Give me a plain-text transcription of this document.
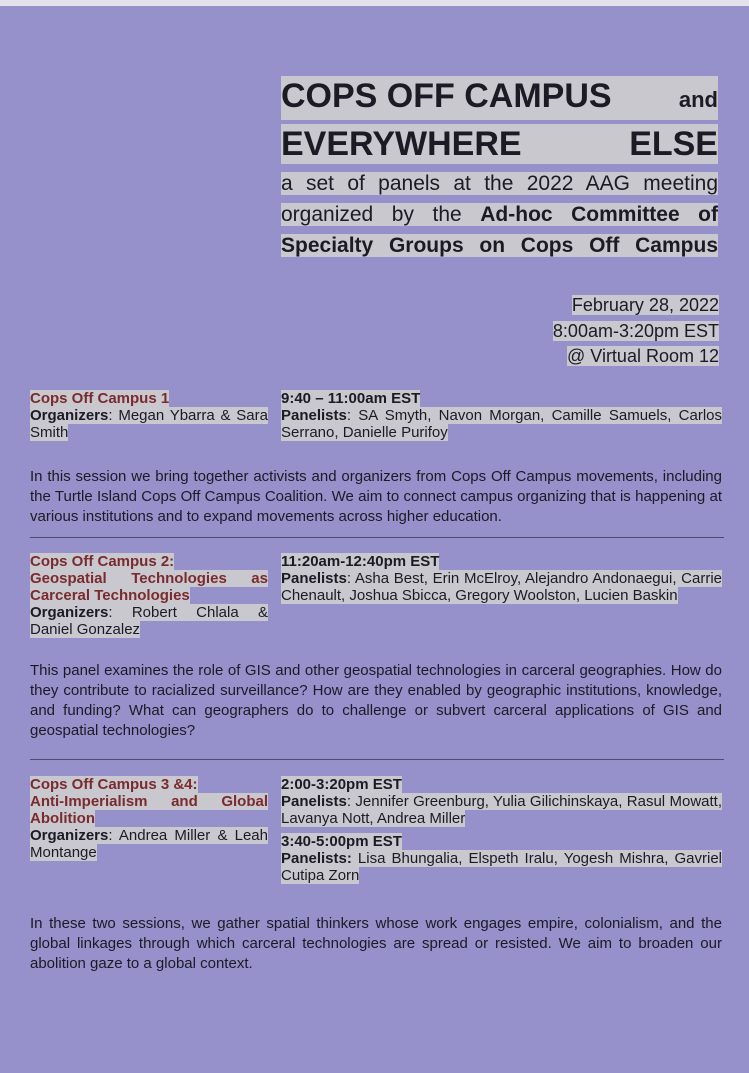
COPS OFF CAMPUS	and
EVERYWHERE	ELSE
a set of panels at the 2022 AAG meeting
organized by the Ad-hoc Committee of
Specialty Groups on Cops Off Campus
February 28, 2022
8:00am-3:20pm EST
@ Virtual Room 12
Cops Off Campus 1
Organizers: Megan Ybarra & Sara Smith
9:40 – 11:00am EST
Panelists: SA Smyth, Navon Morgan, Camille Samuels, Carlos Serrano, Danielle Purifoy
In this session we bring together activists and organizers from Cops Off Campus movements, including the Turtle Island Cops Off Campus Coalition. We aim to connect campus organizing that is happening at various institutions and to expand movements across higher education.
Cops Off Campus 2:
Geospatial Technologies as
Carceral Technologies
Organizers: Robert Chlala & Daniel Gonzalez
11:20am-12:40pm EST
Panelists: Asha Best, Erin McElroy, Alejandro Andonaegui, Carrie Chenault, Joshua Sbicca, Gregory Woolston, Lucien Baskin
This panel examines the role of GIS and other geospatial technologies in carceral geographies. How do they contribute to racialized surveillance? How are they enabled by geographic institutions, knowledge, and funding? What can geographers do to challenge or subvert carceral applications of GIS and geospatial technologies?
Cops Off Campus 3 &4:
Anti-Imperialism and Global
Abolition
Organizers: Andrea Miller & Leah Montange
2:00-3:20pm EST
Panelists: Jennifer Greenburg, Yulia Gilichinskaya, Rasul Mowatt, Lavanya Nott, Andrea Miller
3:40-5:00pm EST
Panelists: Lisa Bhungalia, Elspeth Iralu, Yogesh Mishra, Gavriel Cutipa Zorn
In these two sessions, we gather spatial thinkers whose work engages empire, colonialism, and the global linkages through which carceral technologies are spread or resisted. We aim to broaden our abolition gaze to a global context.
